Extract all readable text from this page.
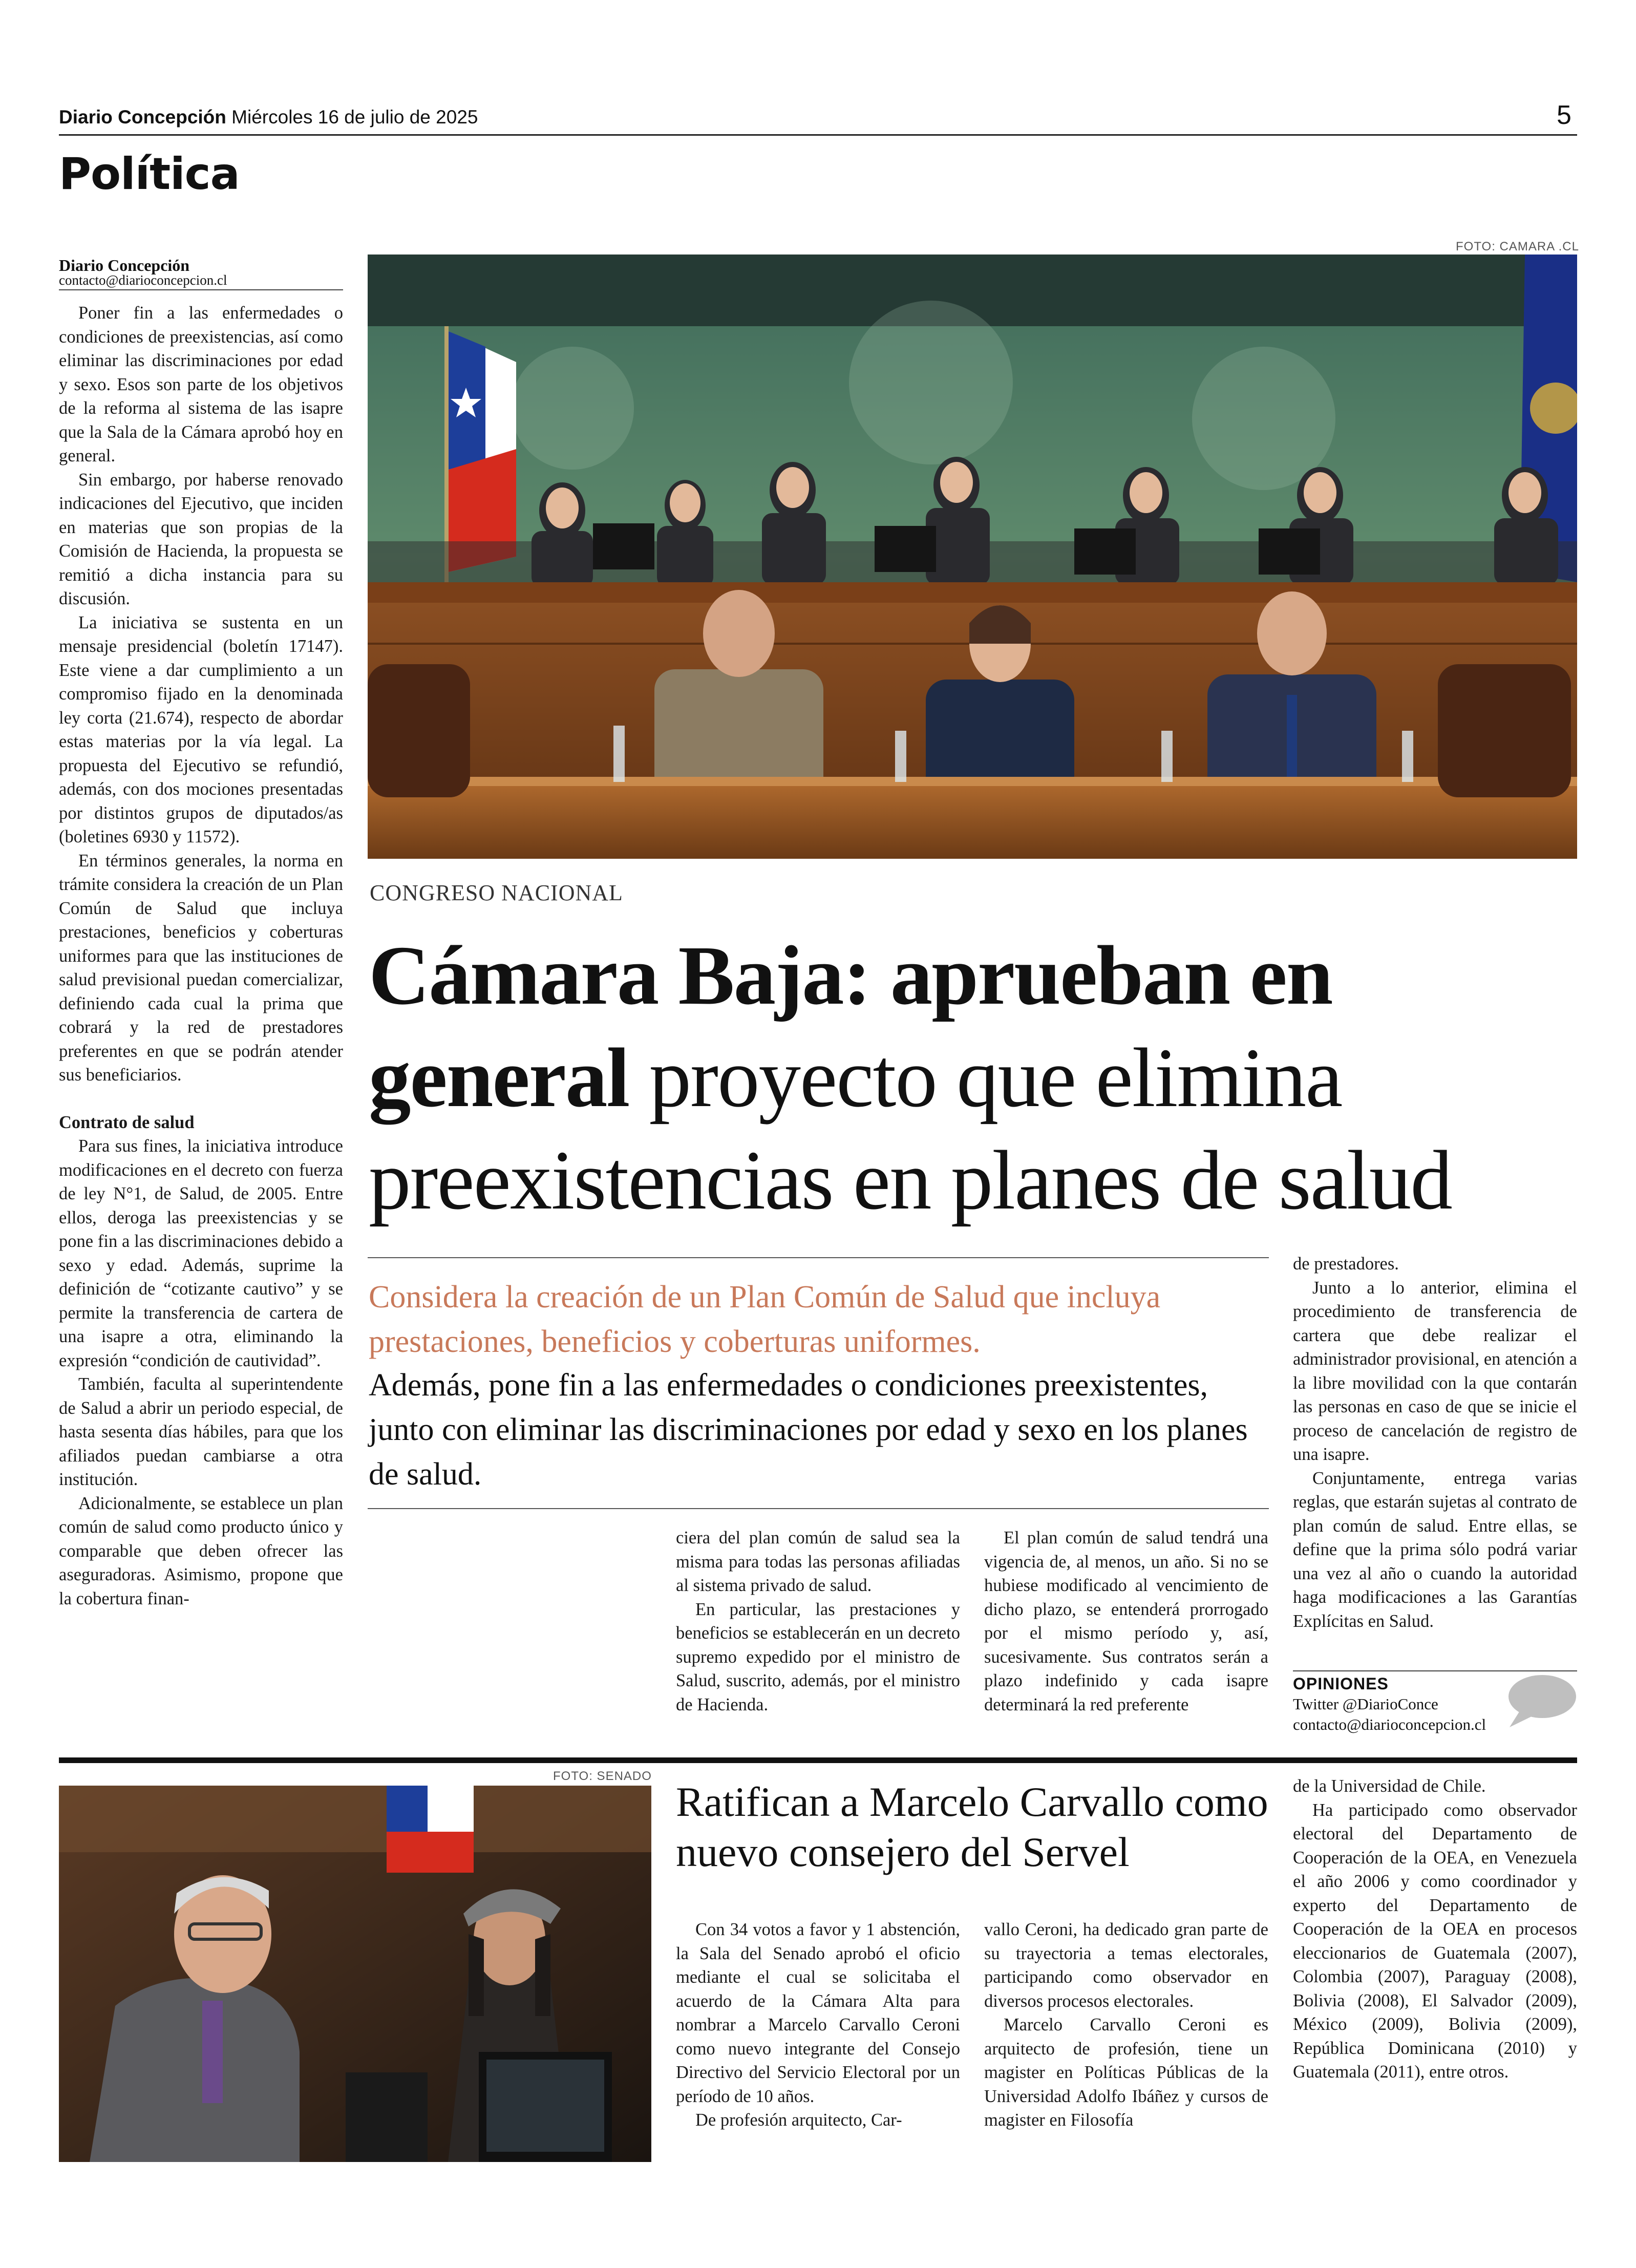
Diario Concepción Miércoles 16 de julio de 2025	5
Política
Diario Concepción
contacto@diarioconcepcion.cl

Poner fin a las enfermedades o condiciones de preexistencias, así como eliminar las discriminaciones por edad y sexo. Esos son parte de los objetivos de la reforma al sistema de las isapre que la Sala de la Cámara aprobó hoy en general.

Sin embargo, por haberse renovado indicaciones del Ejecutivo, que inciden en materias que son propias de la Comisión de Hacienda, la propuesta se remitió a dicha instancia para su discusión.

La iniciativa se sustenta en un mensaje presidencial (boletín 17147). Este viene a dar cumplimiento a un compromiso fijado en la denominada ley corta (21.674), respecto de abordar estas materias por la vía legal. La propuesta del Ejecutivo se refundió, además, con dos mociones presentadas por distintos grupos de diputados/as (boletines 6930 y 11572).

En términos generales, la norma en trámite considera la creación de un Plan Común de Salud que incluya prestaciones, beneficios y coberturas uniformes para que las instituciones de salud previsional puedan comercializar, definiendo cada cual la prima que cobrará y la red de prestadores preferentes en que se podrán atender sus beneficiarios.

Contrato de salud

Para sus fines, la iniciativa introduce modificaciones en el decreto con fuerza de ley N°1, de Salud, de 2005. Entre ellos, deroga las preexistencias y se pone fin a las discriminaciones debido a sexo y edad. Además, suprime la definición de “cotizante cautivo” y se permite la transferencia de cartera de una isapre a otra, eliminando la expresión “condición de cautividad”.

También, faculta al superintendente de Salud a abrir un periodo especial, de hasta sesenta días hábiles, para que los afiliados puedan cambiarse a otra institución.

Adicionalmente, se establece un plan común de salud como producto único y comparable que deben ofrecer las aseguradoras. Asimismo, propone que la cobertura finan-

FOTO: CAMARA .CL
CONGRESO NACIONAL
Cámara Baja: aprueban en general proyecto que elimina preexistencias en planes de salud
Considera la creación de un Plan Común de Salud que incluya prestaciones, beneficios y coberturas uniformes.
Además, pone fin a las enfermedades o condiciones preexistentes, junto con eliminar las discriminaciones por edad y sexo en los planes de salud.

ciera del plan común de salud sea la misma para todas las personas afiliadas al sistema privado de salud.

En particular, las prestaciones y beneficios se establecerán en un decreto supremo expedido por el ministro de Salud, suscrito, además, por el ministro de Hacienda.

El plan común de salud tendrá una vigencia de, al menos, un año. Si no se hubiese modificado al vencimiento de dicho plazo, se entenderá prorrogado por el mismo período y, así, sucesivamente. Sus contratos serán a plazo indefinido y cada isapre determinará la red preferente

de prestadores.

Junto a lo anterior, elimina el procedimiento de transferencia de cartera que debe realizar el administrador provisional, en atención a la libre movilidad con la que contarán las personas en caso de que se inicie el proceso de cancelación de registro de una isapre.

Conjuntamente, entrega varias reglas, que estarán sujetas al contrato de plan común de salud. Entre ellas, se define que la prima sólo podrá variar una vez al año o cuando la autoridad haga modificaciones a las Garantías Explícitas en Salud.

OPINIONES
Twitter @DiarioConce
contacto@diarioconcepcion.cl
FOTO: SENADO
Ratifican a Marcelo Carvallo como nuevo consejero del Servel

Con 34 votos a favor y 1 abstención, la Sala del Senado aprobó el oficio mediante el cual se solicitaba el acuerdo de la Cámara Alta para nombrar a Marcelo Carvallo Ceroni como nuevo integrante del Consejo Directivo del Servicio Electoral por un período de 10 años.

De profesión arquitecto, Car-

vallo Ceroni, ha dedicado gran parte de su trayectoria a temas electorales, participando como observador en diversos procesos electorales.

Marcelo Carvallo Ceroni es arquitecto de profesión, tiene un magister en Políticas Públicas de la Universidad Adolfo Ibáñez y cursos de magister en Filosofía

de la Universidad de Chile.

Ha participado como observador electoral del Departamento de Cooperación de la OEA, en Venezuela el año 2006 y como coordinador y experto del Departamento de Cooperación de la OEA en procesos eleccionarios de Guatemala (2007), Colombia (2007), Paraguay (2008), Bolivia (2008), El Salvador (2009), México (2009), Bolivia (2009), República Dominicana (2010) y Guatemala (2011), entre otros.
